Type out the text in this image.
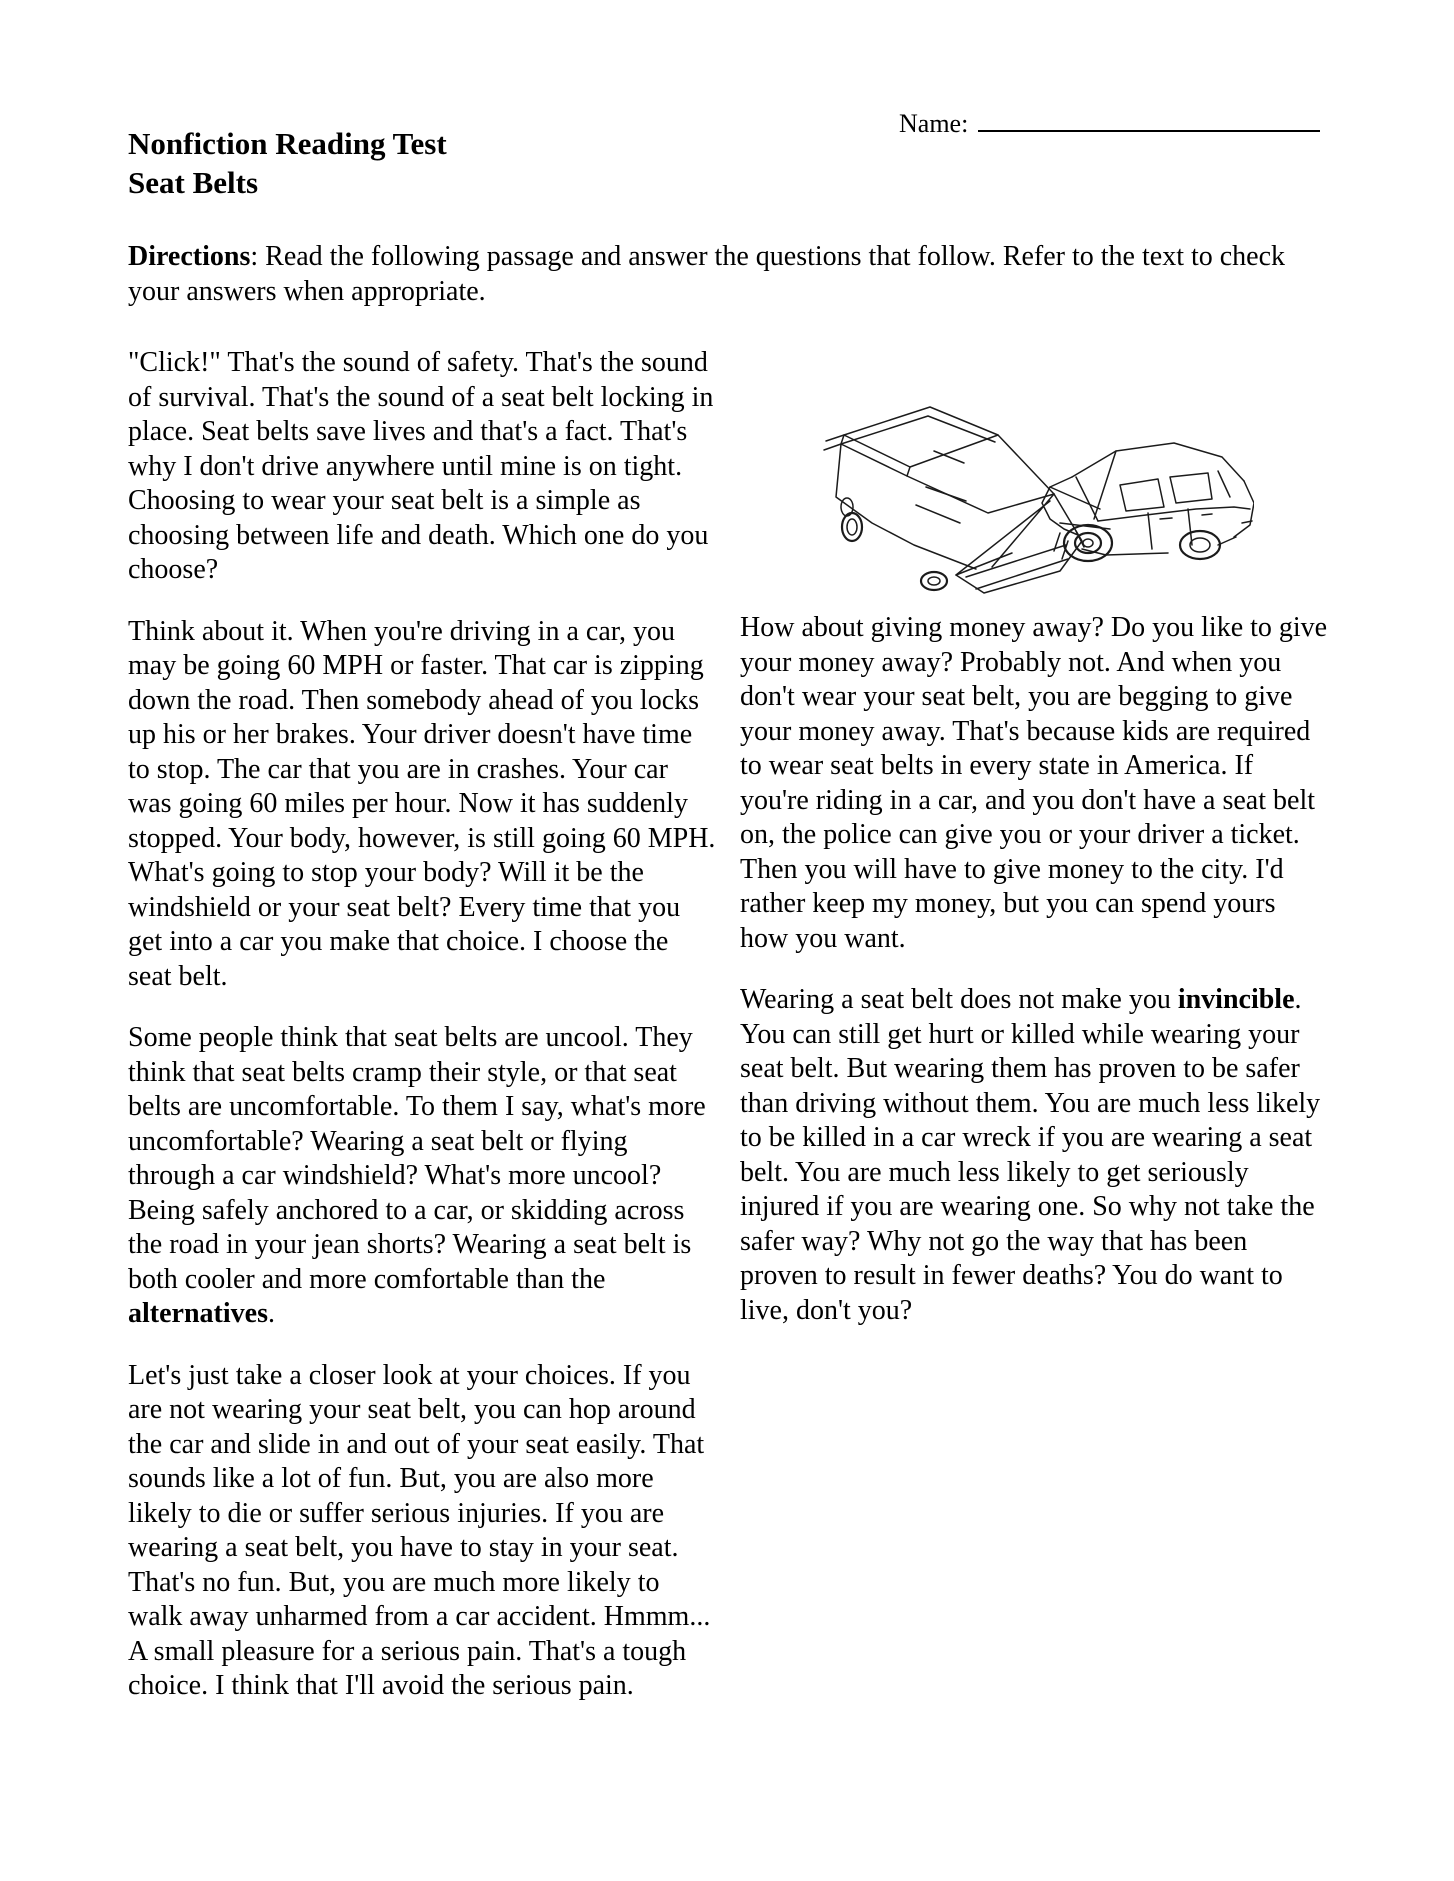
Name:
Nonfiction Reading Test
Seat Belts

Directions: Read the following passage and answer the questions that follow. Refer to the text to check your answers when appropriate.

"Click!" That's the sound of safety. That's the sound of survival. That's the sound of a seat belt locking in place. Seat belts save lives and that's a fact. That's why I don't drive anywhere until mine is on tight. Choosing to wear your seat belt is a simple as choosing between life and death. Which one do you choose?

Think about it. When you're driving in a car, you may be going 60 MPH or faster. That car is zipping down the road. Then somebody ahead of you locks up his or her brakes. Your driver doesn't have time to stop. The car that you are in crashes. Your car was going 60 miles per hour. Now it has suddenly stopped. Your body, however, is still going 60 MPH. What's going to stop your body? Will it be the windshield or your seat belt? Every time that you get into a car you make that choice. I choose the seat belt.

Some people think that seat belts are uncool. They think that seat belts cramp their style, or that seat belts are uncomfortable. To them I say, what's more uncomfortable? Wearing a seat belt or flying through a car windshield? What's more uncool? Being safely anchored to a car, or skidding across the road in your jean shorts? Wearing a seat belt is both cooler and more comfortable than the alternatives.

Let's just take a closer look at your choices. If you are not wearing your seat belt, you can hop around the car and slide in and out of your seat easily. That sounds like a lot of fun. But, you are also more likely to die or suffer serious injuries. If you are wearing a seat belt, you have to stay in your seat. That's no fun. But, you are much more likely to walk away unharmed from a car accident. Hmmm... A small pleasure for a serious pain. That's a tough choice. I think that I'll avoid the serious pain.

How about giving money away? Do you like to give your money away? Probably not. And when you don't wear your seat belt, you are begging to give your money away. That's because kids are required to wear seat belts in every state in America. If you're riding in a car, and you don't have a seat belt on, the police can give you or your driver a ticket. Then you will have to give money to the city. I'd rather keep my money, but you can spend yours how you want.

Wearing a seat belt does not make you invincible. You can still get hurt or killed while wearing your seat belt. But wearing them has proven to be safer than driving without them. You are much less likely to be killed in a car wreck if you are wearing a seat belt. You are much less likely to get seriously injured if you are wearing one. So why not take the safer way? Why not go the way that has been proven to result in fewer deaths? You do want to live, don't you?
